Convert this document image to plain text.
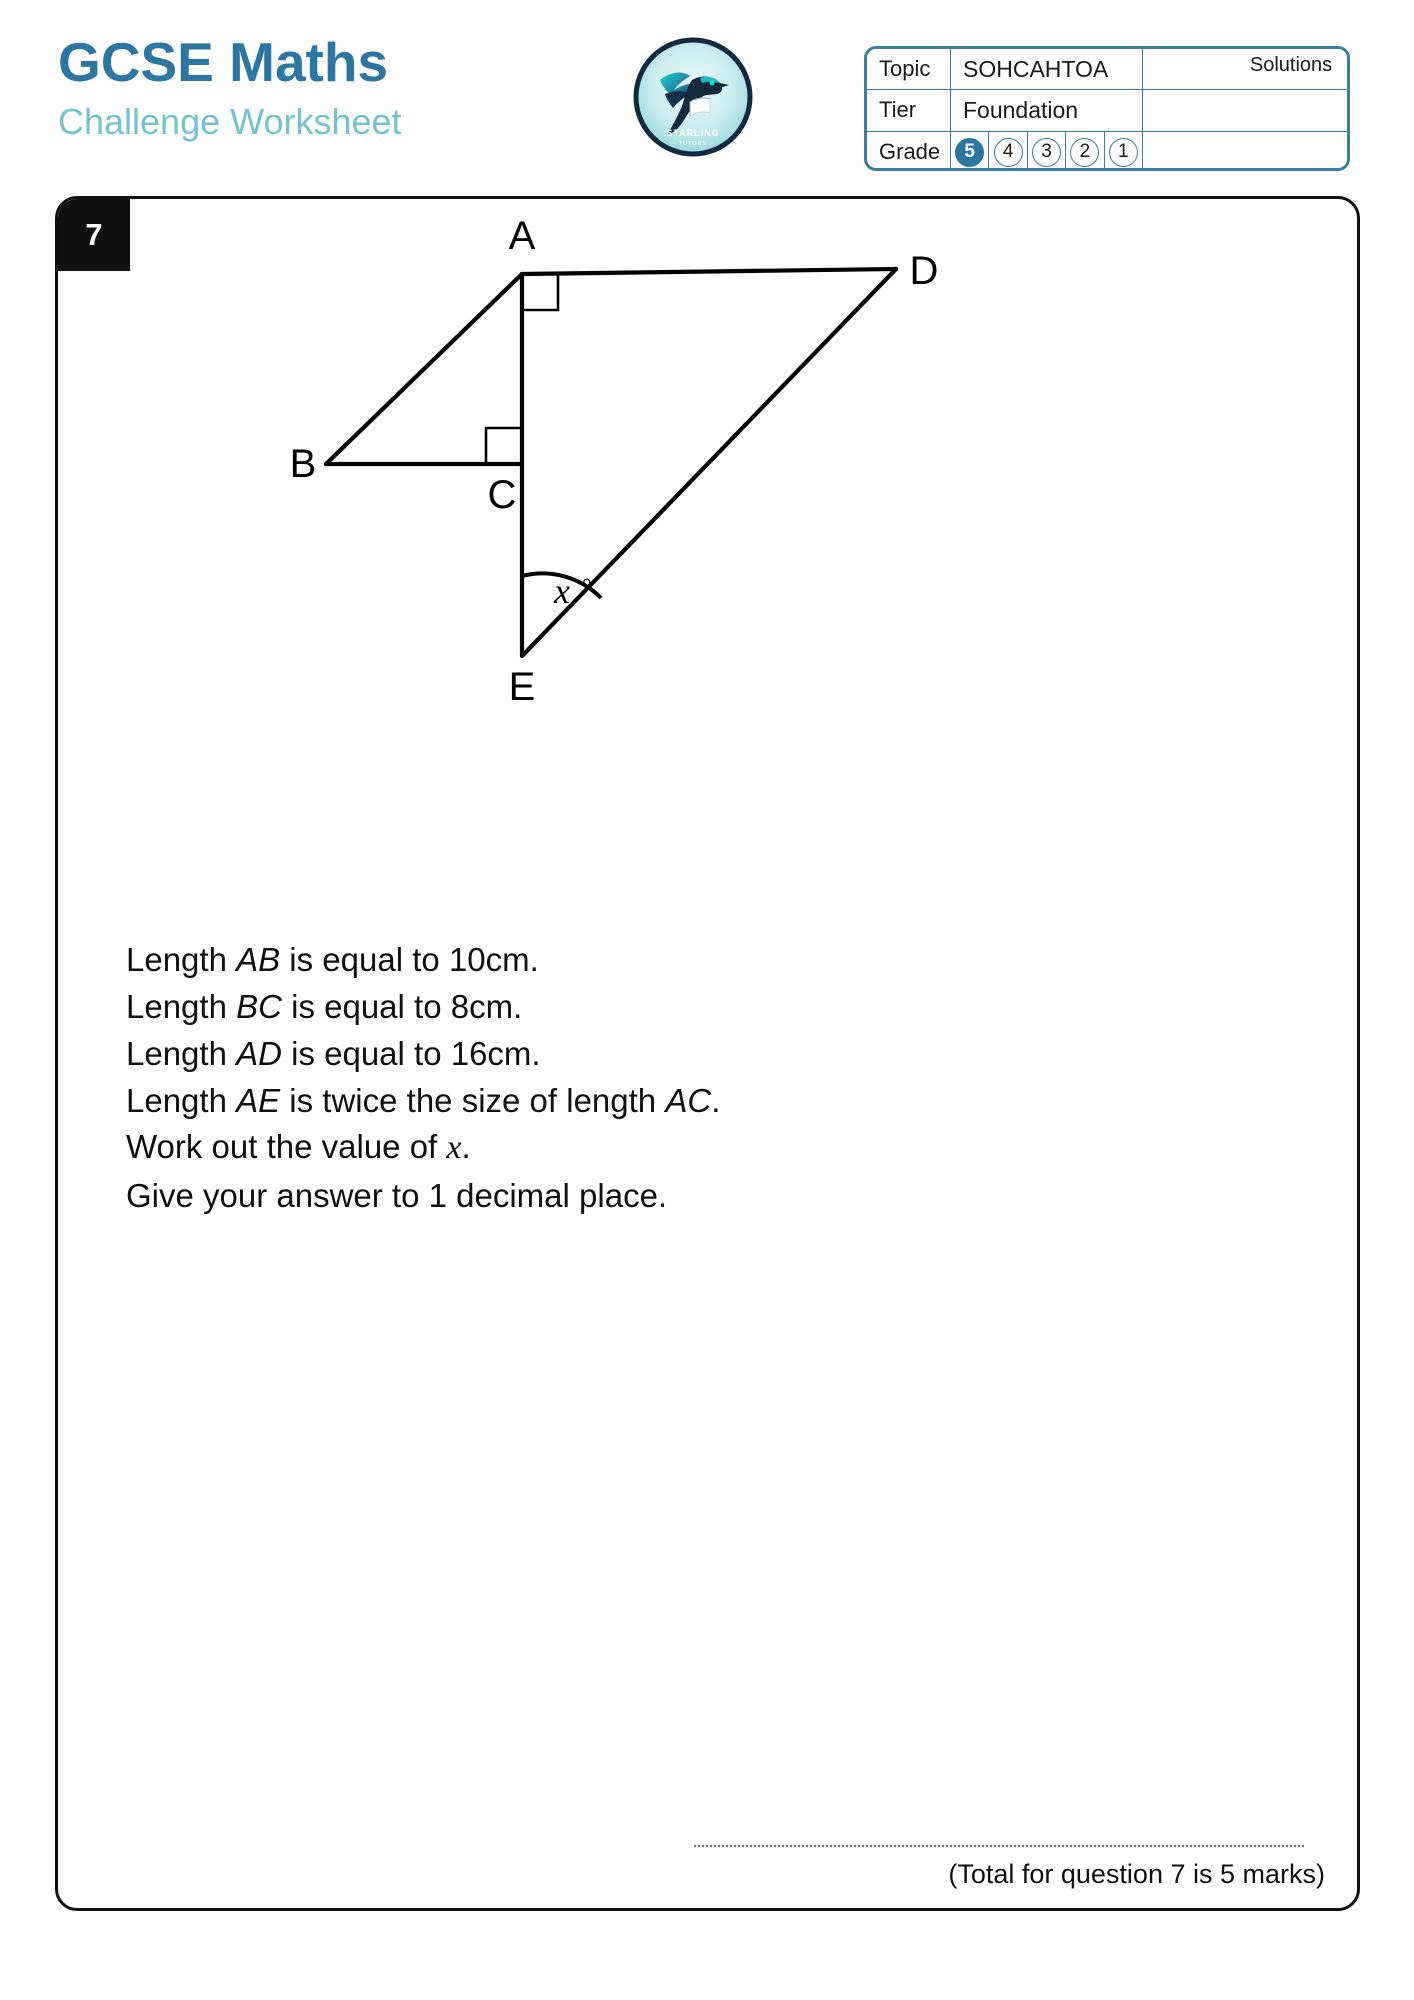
GCSE Maths
Challenge Worksheet	STARLING
~ TUTORS ~
Topic	SOHCAHTOA
Tier	Foundation
Grade	5	4	3	2	1
Solutions
7	A
B
C
D
E
x °
Length AB is equal to 10cm.
Length BC is equal to 8cm.
Length AD is equal to 16cm.
Length AE is twice the size of length AC.
Work out the value of x.
Give your answer to 1 decimal place.
(Total for question 7 is 5 marks)
